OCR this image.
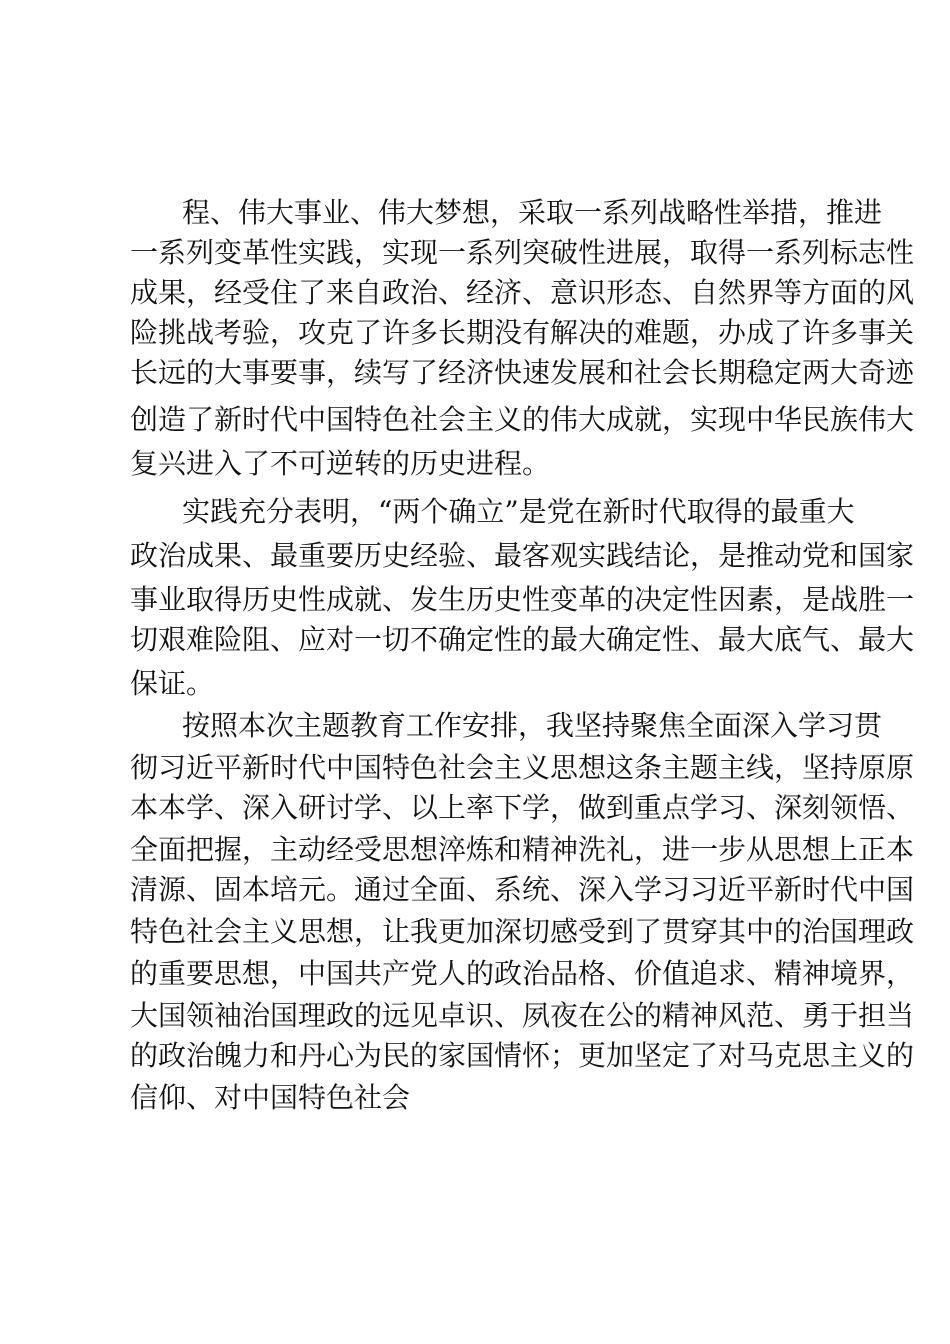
程、伟大事业、伟大梦想，采取一系列战略性举措，推进
一系列变革性实践，实现一系列突破性进展，取得一系列标志性
成果，经受住了来自政治、经济、意识形态、自然界等方面的风
险挑战考验，攻克了许多长期没有解决的难题，办成了许多事关
长远的大事要事，续写了经济快速发展和社会长期稳定两大奇迹
创造了新时代中国特色社会主义的伟大成就，实现中华民族伟大
复兴进入了不可逆转的历史进程。
实践充分表明，“两个确立”是党在新时代取得的最重大
政治成果、最重要历史经验、最客观实践结论，是推动党和国家
事业取得历史性成就、发生历史性变革的决定性因素，是战胜一
切艰难险阻、应对一切不确定性的最大确定性、最大底气、最大
保证。
按照本次主题教育工作安排，我坚持聚焦全面深入学习贯
彻习近平新时代中国特色社会主义思想这条主题主线，坚持原原
本本学、深入研讨学、以上率下学，做到重点学习、深刻领悟、
全面把握，主动经受思想淬炼和精神洗礼，进一步从思想上正本
清源、固本培元。通过全面、系统、深入学习习近平新时代中国
特色社会主义思想，让我更加深切感受到了贯穿其中的治国理政
的重要思想，中国共产党人的政治品格、价值追求、精神境界，
大国领袖治国理政的远见卓识、夙夜在公的精神风范、勇于担当
的政治魄力和丹心为民的家国情怀；更加坚定了对马克思主义的
信仰、对中国特色社会
